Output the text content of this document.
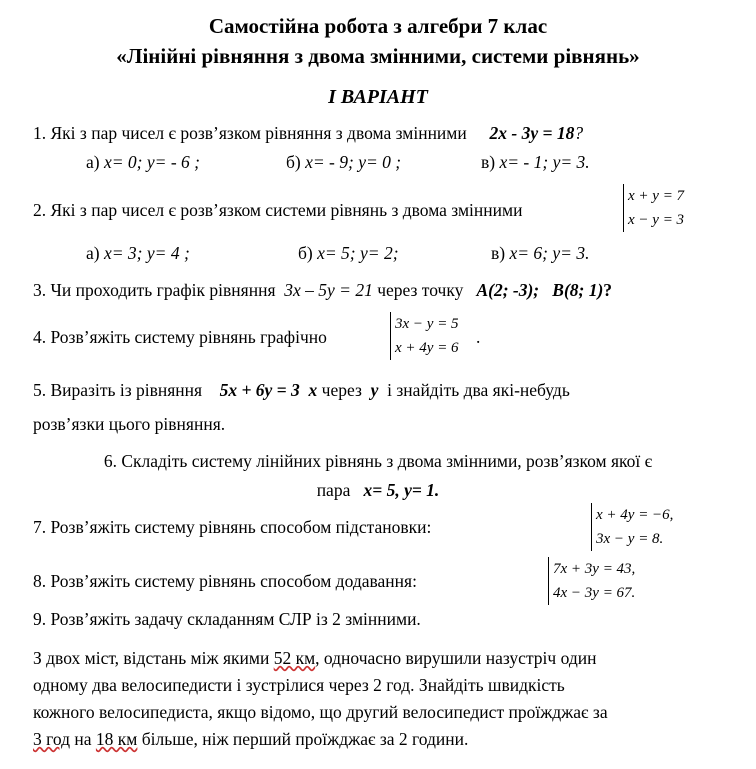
Самостійна робота з алгебри 7 клас
«Лінійні рівняння з двома змінними, системи рівнянь»
І ВАРІАНТ
1. Які з пар чисел є розв’язком рівняння з двома змінними 2х - 3у = 18?
а) х= 0; у= - 6 ;	б) х= - 9; у= 0 ;	в) х= - 1; у= 3.
2. Які з пар чисел є розв’язком системи рівнянь з двома змінними
x + y = 7
x − y = 3
а) х= 3; у= 4 ;	б) х= 5; у= 2;	в) х= 6; у= 3.
3. Чи проходить графік рівняння 3х – 5у = 21 через точку A(2; -3); B(8; 1)?
4. Розв’яжіть систему рівнянь графічно
3x − y = 5
x + 4y = 6
.
5. Виразіть із рівняння 5х + 6у = 3 х через у і знайдіть два які-небудь
розв’язки цього рівняння.
6. Складіть систему лінійних рівнянь з двома змінними, розв’язком якої є
пара х= 5, у= 1.
7. Розв’яжіть систему рівнянь способом підстановки:
x + 4y = −6,
3x − y = 8.
8. Розв’яжіть систему рівнянь способом додавання:
7x + 3y = 43,
4x − 3y = 67.
9. Розв’яжіть задачу складанням СЛР із 2 змінними.
З двох міст, відстань між якими 52 км, одночасно вирушили назустріч один
одному два велосипедисти і зустрілися через 2 год. Знайдіть швидкість
кожного велосипедиста, якщо відомо, що другий велосипедист проїжджає за
3 год на 18 км більше, ніж перший проїжджає за 2 години.
